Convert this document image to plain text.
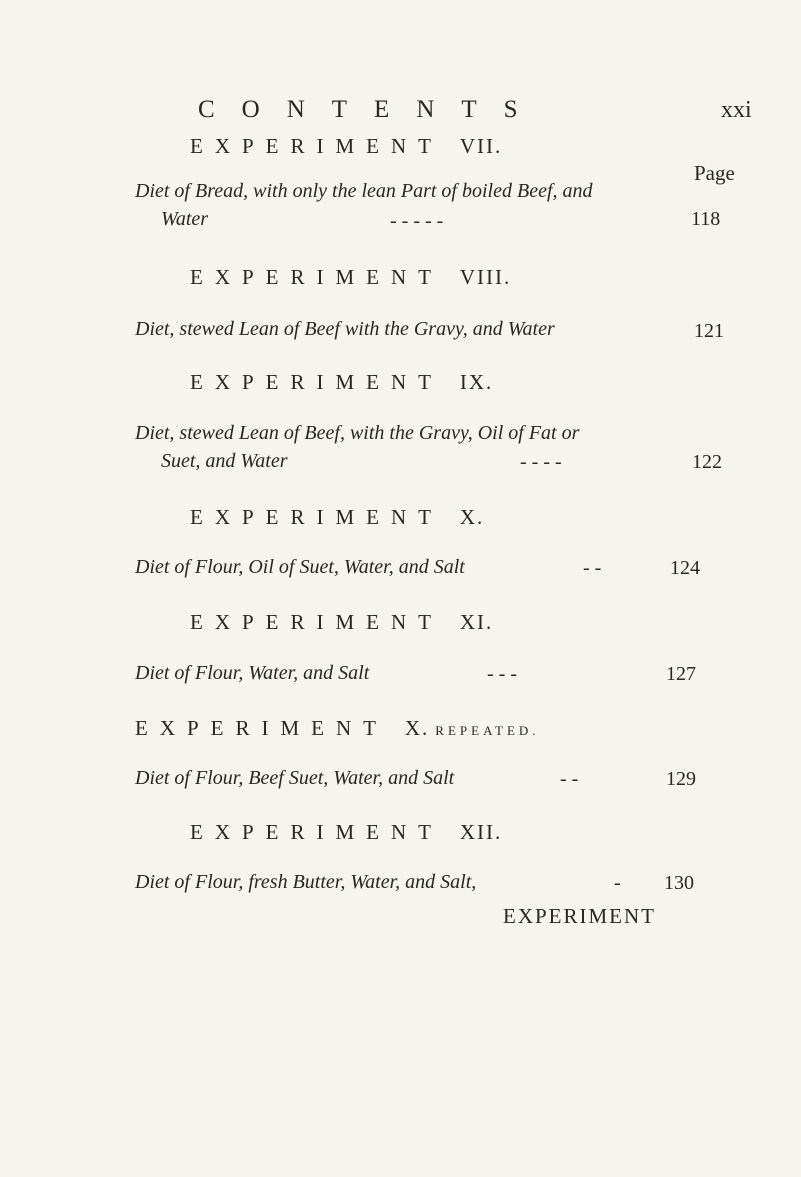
CONTENTS	xxi
EXPERIMENT VII.
Page
Diet of Bread, with only the lean Part of boiled Beef, and
Water	- - - - -	118
EXPERIMENT VIII.
Diet, stewed Lean of Beef with the Gravy, and Water	121
EXPERIMENT IX.
Diet, stewed Lean of Beef, with the Gravy, Oil of Fat or
Suet, and Water	- - - -	122
EXPERIMENT X.
Diet of Flour, Oil of Suet, Water, and Salt	- -	124
EXPERIMENT XI.
Diet of Flour, Water, and Salt	- - -	127
EXPERIMENT X. REPEATED.
Diet of Flour, Beef Suet, Water, and Salt	- -	129
EXPERIMENT XII.
Diet of Flour, fresh Butter, Water, and Salt,	- 130
EXPERIMENT
